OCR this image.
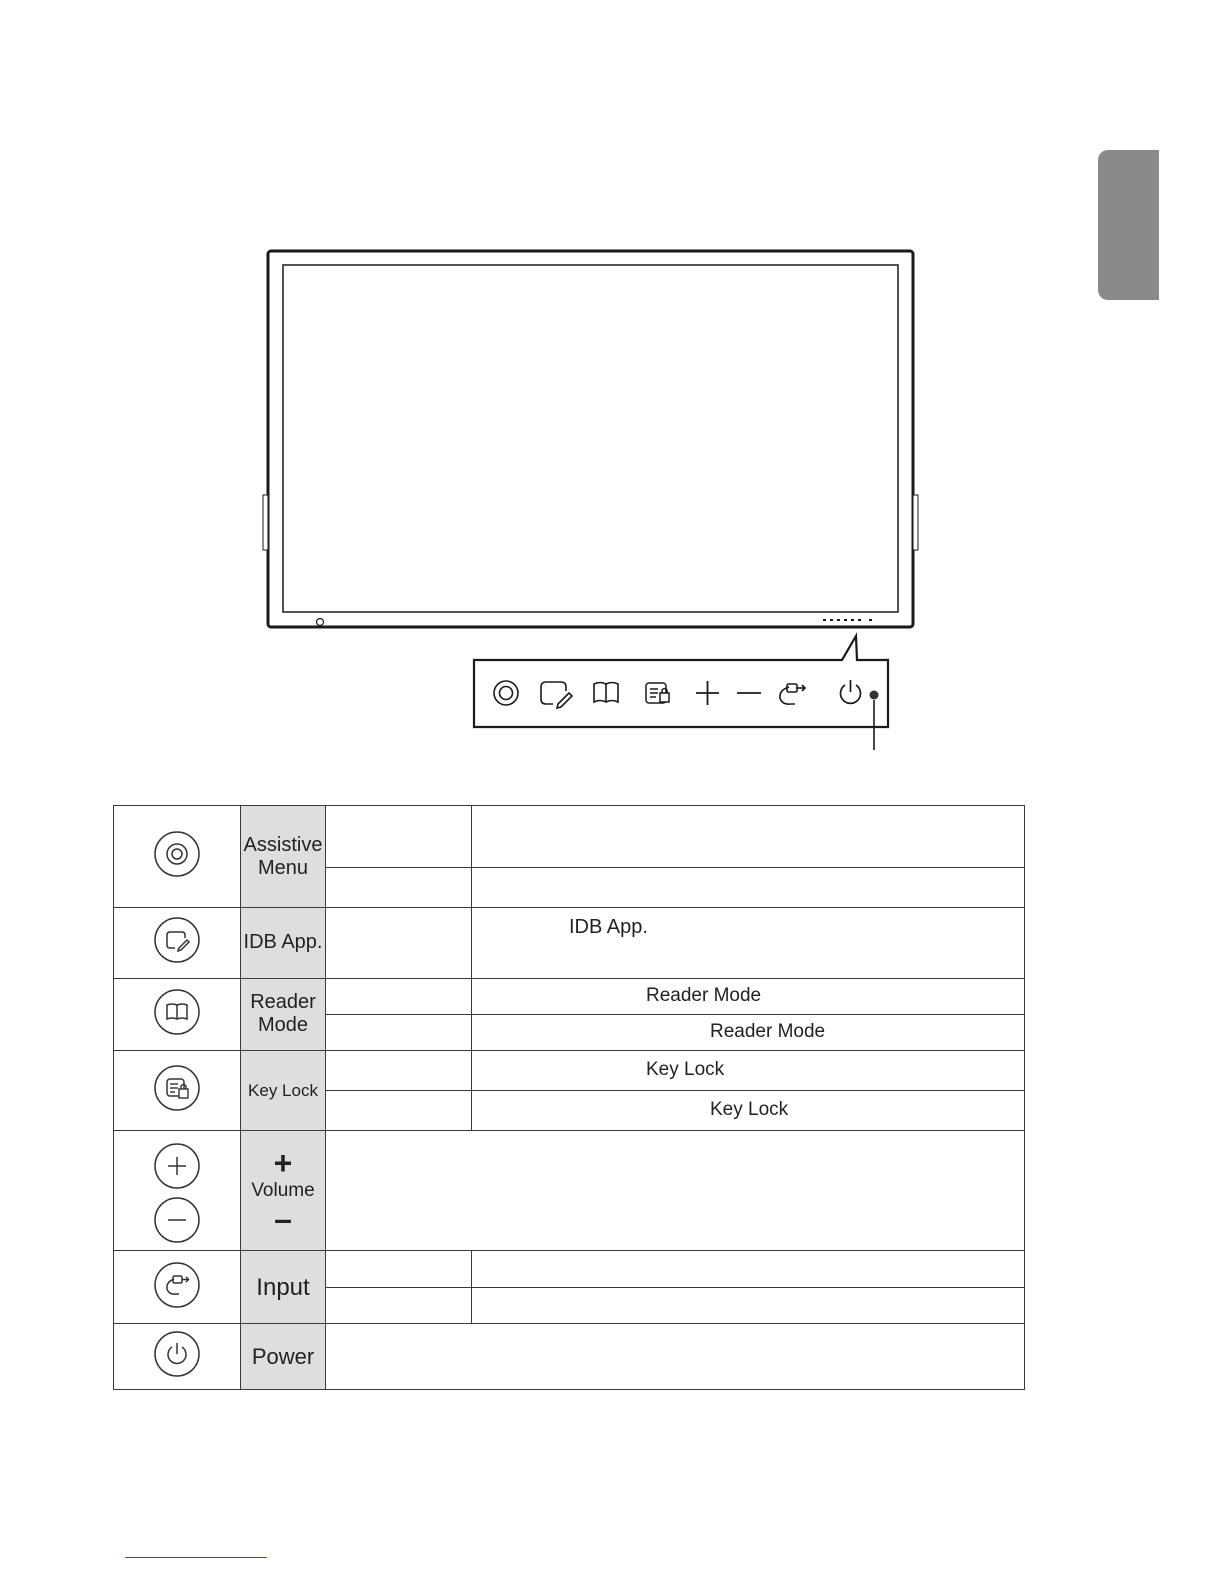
Assistive
Menu		

	IDB App.		IDB App.

Reader
Mode		Reader Mode
			Reader Mode
	Key Lock		Key Lock
			Key Lock

+
Volume
–		

	Input		

	Power		
